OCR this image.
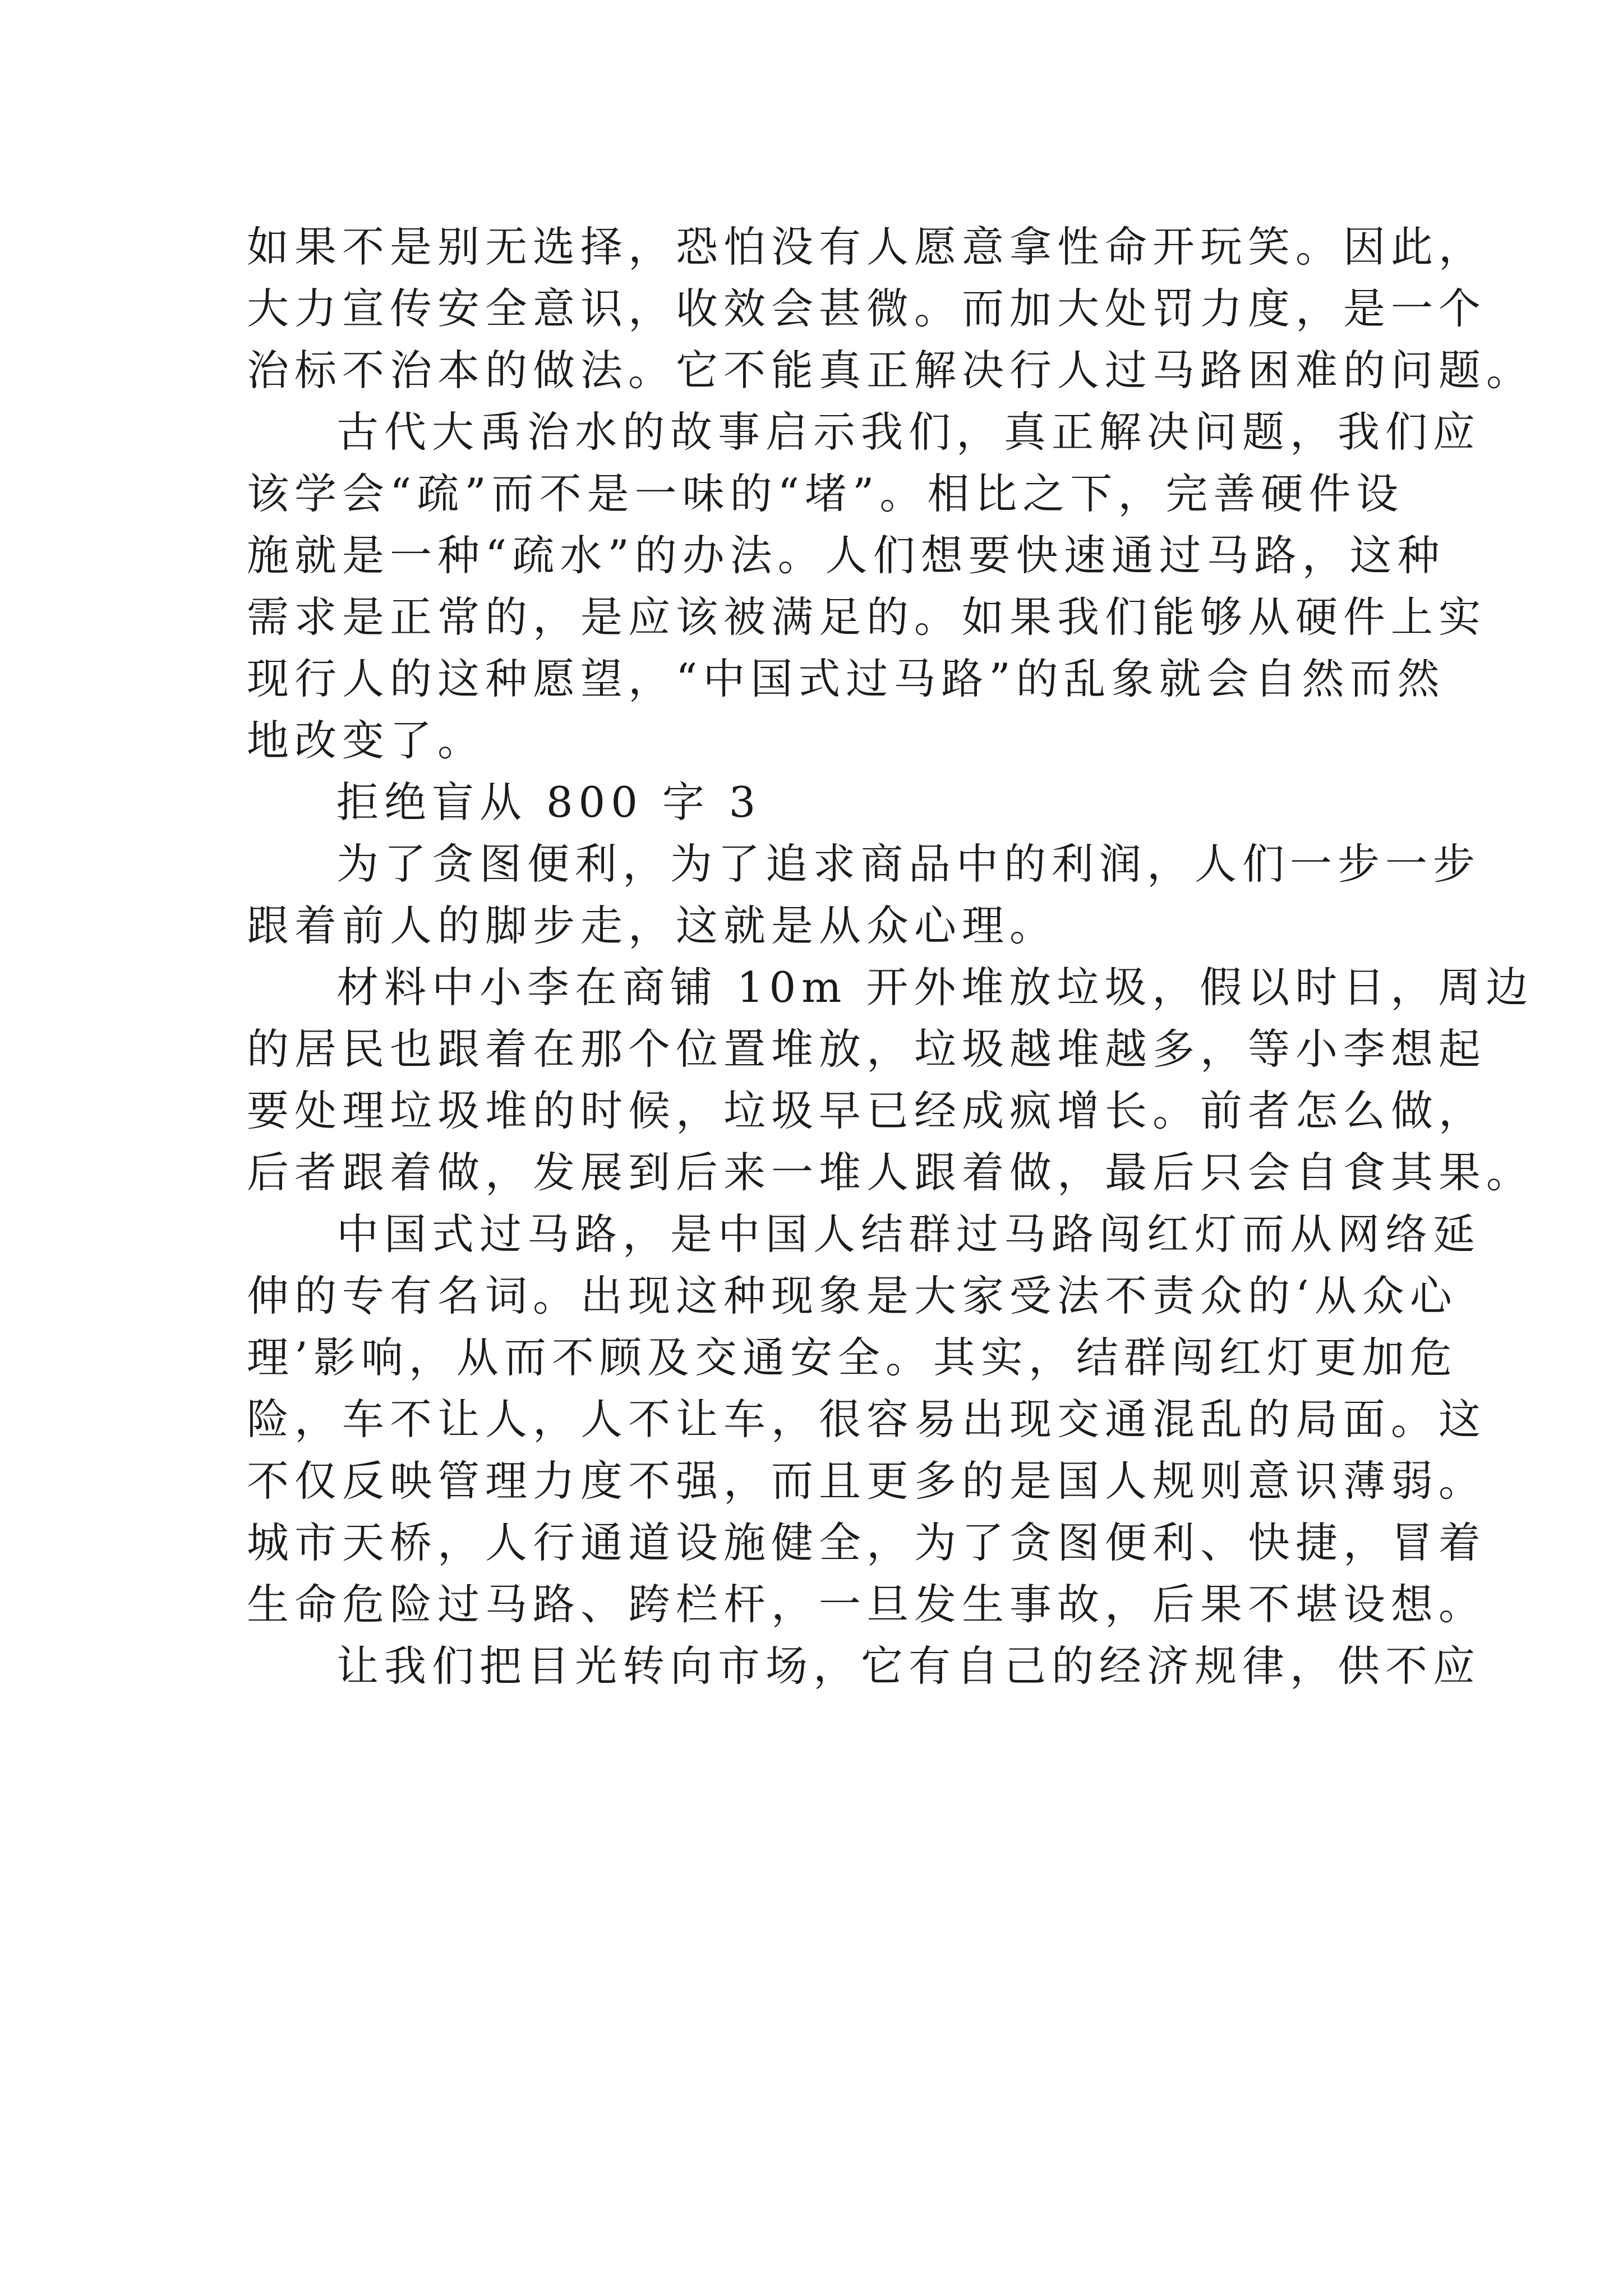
如果不是别无选择，恐怕没有人愿意拿性命开玩笑。因此，
大力宣传安全意识，收效会甚微。而加大处罚力度，是一个
治标不治本的做法。它不能真正解决行人过马路困难的问题。
古代大禹治水的故事启示我们，真正解决问题，我们应
该学会“疏”而不是一味的“堵”。相比之下，完善硬件设
施就是一种“疏水”的办法。人们想要快速通过马路，这种
需求是正常的，是应该被满足的。如果我们能够从硬件上实
现行人的这种愿望，“中国式过马路”的乱象就会自然而然
地改变了。
拒绝盲从 800 字 3
为了贪图便利，为了追求商品中的利润，人们一步一步
跟着前人的脚步走，这就是从众心理。
材料中小李在商铺 10m 开外堆放垃圾，假以时日，周边
的居民也跟着在那个位置堆放，垃圾越堆越多，等小李想起
要处理垃圾堆的时候，垃圾早已经成疯增长。前者怎么做，
后者跟着做，发展到后来一堆人跟着做，最后只会自食其果。
中国式过马路，是中国人结群过马路闯红灯而从网络延
伸的专有名词。出现这种现象是大家受法不责众的‘从众心
理’影响，从而不顾及交通安全。其实，结群闯红灯更加危
险，车不让人，人不让车，很容易出现交通混乱的局面。这
不仅反映管理力度不强，而且更多的是国人规则意识薄弱。
城市天桥，人行通道设施健全，为了贪图便利、快捷，冒着
生命危险过马路、跨栏杆，一旦发生事故，后果不堪设想。
让我们把目光转向市场，它有自己的经济规律，供不应
